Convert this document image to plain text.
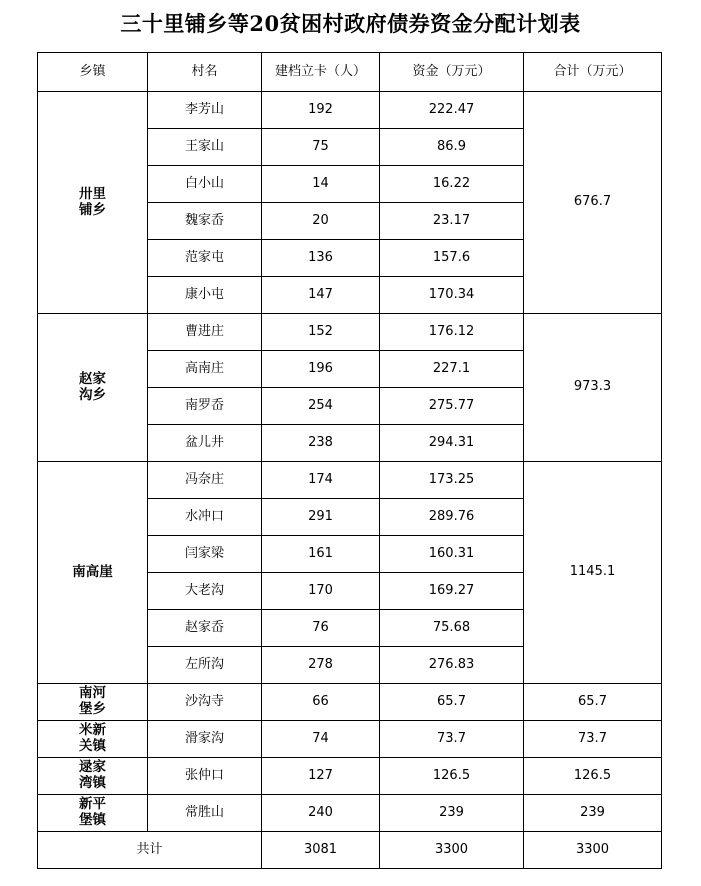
三十里铺乡等20贫困村政府债券资金分配计划表
乡镇	村名	建档立卡（人）	资金（万元）	合计（万元）
卅里铺乡	李芳山	192	222.47	676.7
	王家山	75	86.9	
	白小山	14	16.22	
	魏家岙	20	23.17	
	范家屯	136	157.6	
	康小屯	147	170.34	
赵家沟乡	曹进庄	152	176.12	973.3
	高南庄	196	227.1	
	南罗岙	254	275.77	
	盆儿井	238	294.31	
南高崖	冯奈庄	174	173.25	1145.1
	水冲口	291	289.76	
	闫家梁	161	160.31	
	大老沟	170	169.27	
	赵家岙	76	75.68	
	左所沟	278	276.83	
南河堡乡	沙沟寺	66	65.7	65.7
米新关镇	滑家沟	74	73.7	73.7
逯家湾镇	张仲口	127	126.5	126.5
新平堡镇	常胜山	240	239	239
共计		3081	3300	3300
